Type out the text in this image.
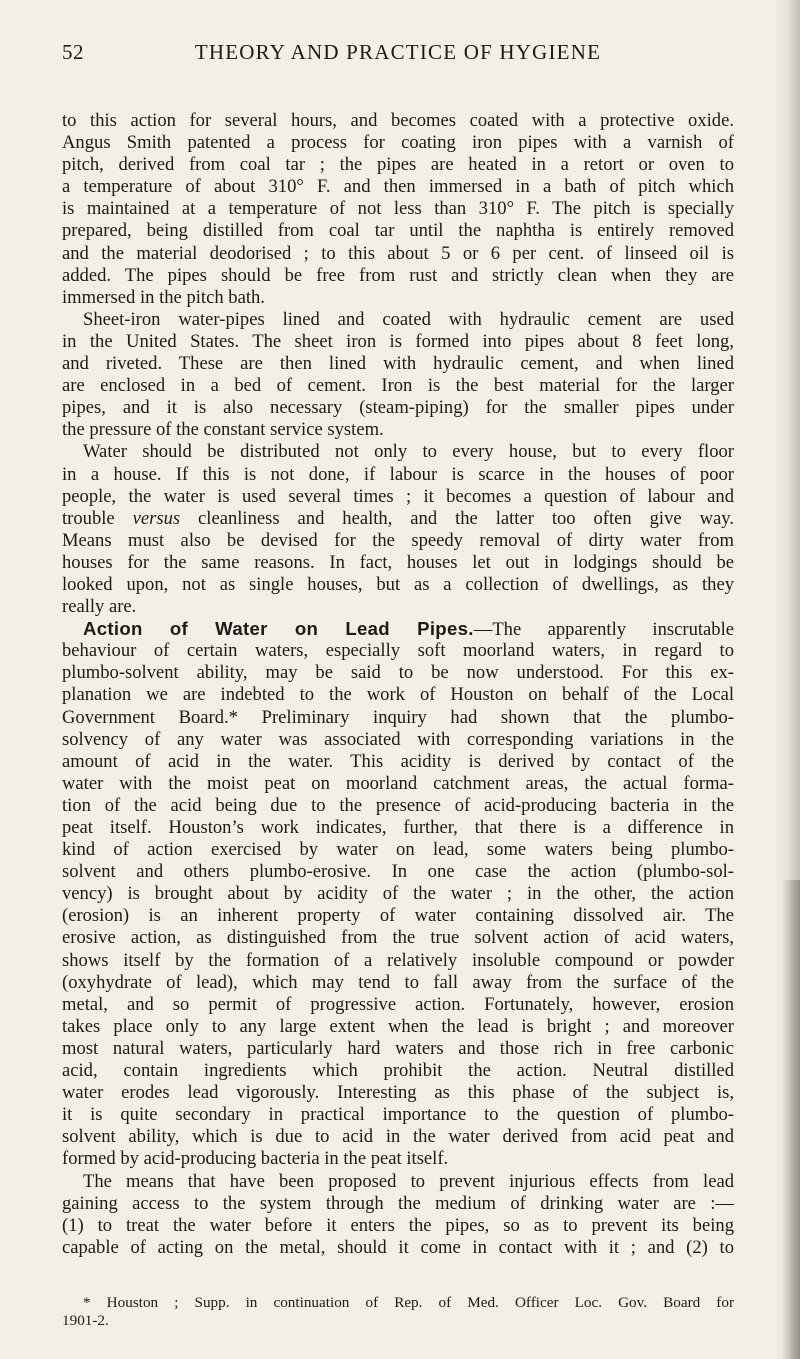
52	THEORY AND PRACTICE OF HYGIENE
to this action for several hours, and becomes coated with a protective oxide.
Angus Smith patented a process for coating iron pipes with a varnish of
pitch, derived from coal tar ; the pipes are heated in a retort or oven to
a temperature of about 310° F. and then immersed in a bath of pitch which
is maintained at a temperature of not less than 310° F. The pitch is specially
prepared, being distilled from coal tar until the naphtha is entirely removed
and the material deodorised ; to this about 5 or 6 per cent. of linseed oil is
added. The pipes should be free from rust and strictly clean when they are
immersed in the pitch bath.
Sheet-iron water-pipes lined and coated with hydraulic cement are used
in the United States. The sheet iron is formed into pipes about 8 feet long,
and riveted. These are then lined with hydraulic cement, and when lined
are enclosed in a bed of cement. Iron is the best material for the larger
pipes, and it is also necessary (steam-piping) for the smaller pipes under
the pressure of the constant service system.
Water should be distributed not only to every house, but to every floor
in a house. If this is not done, if labour is scarce in the houses of poor
people, the water is used several times ; it becomes a question of labour and
trouble versus cleanliness and health, and the latter too often give way.
Means must also be devised for the speedy removal of dirty water from
houses for the same reasons. In fact, houses let out in lodgings should be
looked upon, not as single houses, but as a collection of dwellings, as they
really are.
Action of Water on Lead Pipes.—The apparently inscrutable
behaviour of certain waters, especially soft moorland waters, in regard to
plumbo-solvent ability, may be said to be now understood. For this ex-
planation we are indebted to the work of Houston on behalf of the Local
Government Board.* Preliminary inquiry had shown that the plumbo-
solvency of any water was associated with corresponding variations in the
amount of acid in the water. This acidity is derived by contact of the
water with the moist peat on moorland catchment areas, the actual forma-
tion of the acid being due to the presence of acid-producing bacteria in the
peat itself. Houston’s work indicates, further, that there is a difference in
kind of action exercised by water on lead, some waters being plumbo-
solvent and others plumbo-erosive. In one case the action (plumbo-sol-
vency) is brought about by acidity of the water ; in the other, the action
(erosion) is an inherent property of water containing dissolved air. The
erosive action, as distinguished from the true solvent action of acid waters,
shows itself by the formation of a relatively insoluble compound or powder
(oxyhydrate of lead), which may tend to fall away from the surface of the
metal, and so permit of progressive action. Fortunately, however, erosion
takes place only to any large extent when the lead is bright ; and moreover
most natural waters, particularly hard waters and those rich in free carbonic
acid, contain ingredients which prohibit the action. Neutral distilled
water erodes lead vigorously. Interesting as this phase of the subject is,
it is quite secondary in practical importance to the question of plumbo-
solvent ability, which is due to acid in the water derived from acid peat and
formed by acid-producing bacteria in the peat itself.
The means that have been proposed to prevent injurious effects from lead
gaining access to the system through the medium of drinking water are :—
(1) to treat the water before it enters the pipes, so as to prevent its being
capable of acting on the metal, should it come in contact with it ; and (2) to
* Houston ; Supp. in continuation of Rep. of Med. Officer Loc. Gov. Board for
1901-2.
